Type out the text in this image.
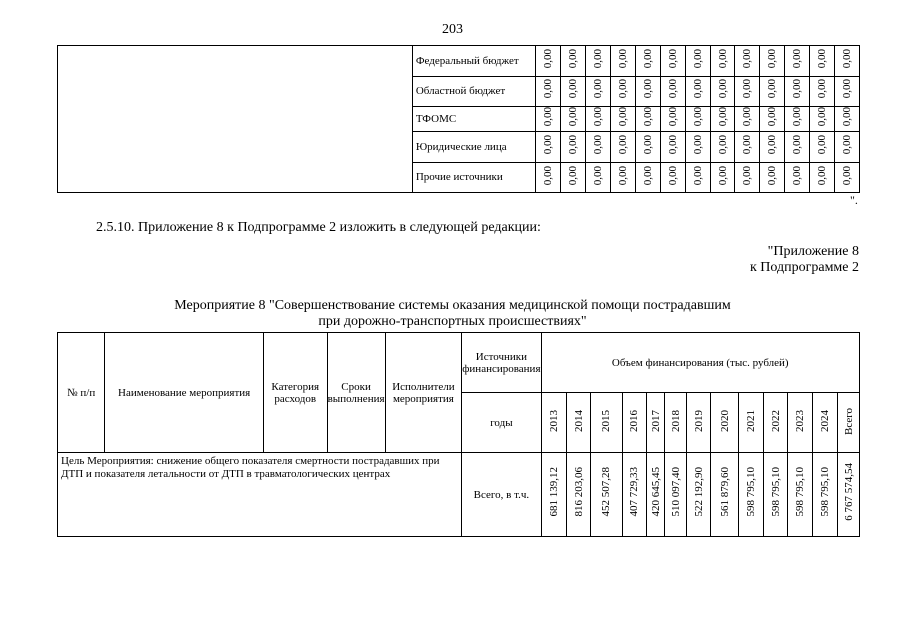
203
	Федеральный бюджет	0,00	0,00	0,00	0,00	0,00	0,00	0,00	0,00	0,00	0,00	0,00	0,00	0,00
	Областной бюджет	0,00	0,00	0,00	0,00	0,00	0,00	0,00	0,00	0,00	0,00	0,00	0,00	0,00
	ТФОМС	0,00	0,00	0,00	0,00	0,00	0,00	0,00	0,00	0,00	0,00	0,00	0,00	0,00
	Юридические лица	0,00	0,00	0,00	0,00	0,00	0,00	0,00	0,00	0,00	0,00	0,00	0,00	0,00
	Прочие источники	0,00	0,00	0,00	0,00	0,00	0,00	0,00	0,00	0,00	0,00	0,00	0,00	0,00
".
2.5.10. Приложение 8 к Подпрограмме 2 изложить в следующей редакции:
"Приложение 8
к Подпрограмме 2
Мероприятие 8 "Совершенствование системы оказания медицинской помощи пострадавшим
при дорожно-транспортных происшествиях"
№ п/п	Наименование мероприятия	Категория расходов	Сроки выполнения	Исполнители мероприятия	Источники финансирования	Объем финансирования (тыс. рублей)												
					годы	2013	2014	2015	2016	2017	2018	2019	2020	2021	2022	2023	2024	Всего
Цель Мероприятия: снижение общего показателя смертности пострадавших при ДТП и показателя летальности от ДТП в травматологических центрах					Всего, в т.ч.	681 139,12	816 203,06	452 507,28	407 729,33	420 645,45	510 097,40	522 192,90	561 879,60	598 795,10	598 795,10	598 795,10	598 795,10	6 767 574,54
